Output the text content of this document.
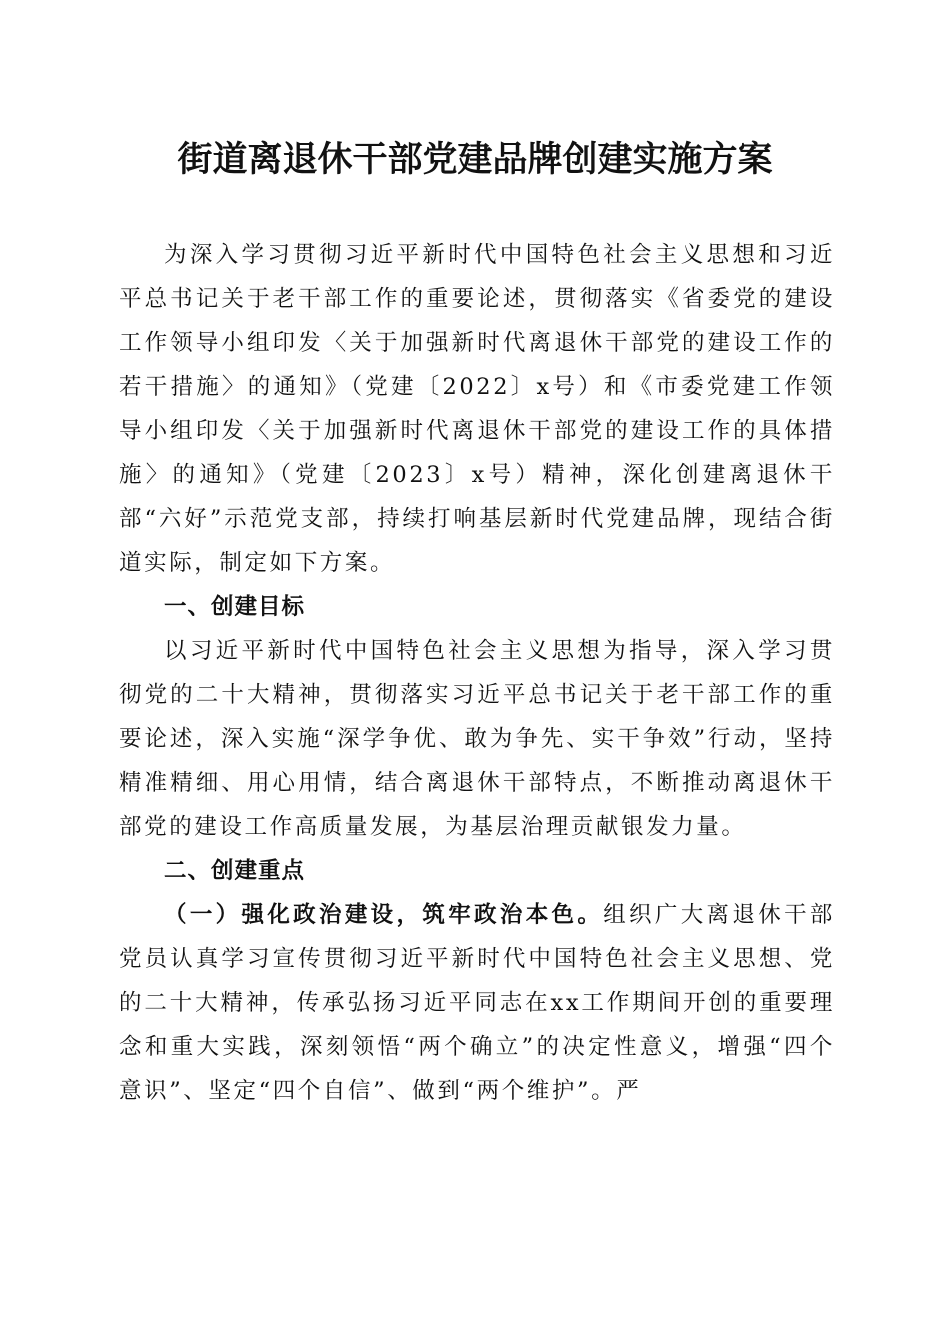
街道离退休干部党建品牌创建实施方案

为深入学习贯彻习近平新时代中国特色社会主义思想和习近平总书记关于老干部工作的重要论述，贯彻落实《省委党的建设工作领导小组印发〈关于加强新时代离退休干部党的建设工作的若干措施〉的通知》（党建〔2022〕x号）和《市委党建工作领导小组印发〈关于加强新时代离退休干部党的建设工作的具体措施〉的通知》（党建〔2023〕x号）精神，深化创建离退休干部“六好”示范党支部，持续打响基层新时代党建品牌，现结合街道实际，制定如下方案。

一、创建目标

以习近平新时代中国特色社会主义思想为指导，深入学习贯彻党的二十大精神，贯彻落实习近平总书记关于老干部工作的重要论述，深入实施“深学争优、敢为争先、实干争效”行动，坚持精准精细、用心用情，结合离退休干部特点，不断推动离退休干部党的建设工作高质量发展，为基层治理贡献银发力量。

二、创建重点

（一）强化政治建设，筑牢政治本色。组织广大离退休干部党员认真学习宣传贯彻习近平新时代中国特色社会主义思想、党的二十大精神，传承弘扬习近平同志在xx工作期间开创的重要理念和重大实践，深刻领悟“两个确立”的决定性意义，增强“四个意识”、坚定“四个自信”、做到“两个维护”。严
